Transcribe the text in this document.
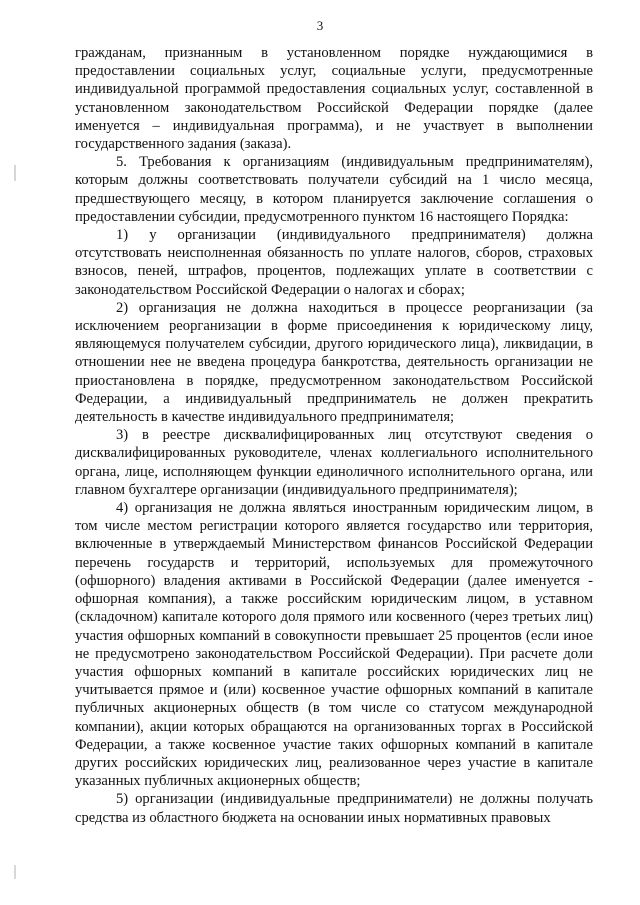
3

гражданам, признанным в установленном порядке нуждающимися в предоставлении социальных услуг, социальные услуги, предусмотренные индивидуальной программой предоставления социальных услуг, составленной в установленном законодательством Российской Федерации порядке (далее именуется – индивидуальная программа), и не участвует в выполнении государственного задания (заказа).

5. Требования к организациям (индивидуальным предпринимателям), которым должны соответствовать получатели субсидий на 1 число месяца, предшествующего месяцу, в котором планируется заключение соглашения о предоставлении субсидии, предусмотренного пунктом 16 настоящего Порядка:

1) у организации (индивидуального предпринимателя) должна отсутствовать неисполненная обязанность по уплате налогов, сборов, страховых взносов, пеней, штрафов, процентов, подлежащих уплате в соответствии с законодательством Российской Федерации о налогах и сборах;

2) организация не должна находиться в процессе реорганизации (за исключением реорганизации в форме присоединения к юридическому лицу, являющемуся получателем субсидии, другого юридического лица), ликвидации, в отношении нее не введена процедура банкротства, деятельность организации не приостановлена в порядке, предусмотренном законодательством Российской Федерации, а индивидуальный предприниматель не должен прекратить деятельность в качестве индивидуального предпринимателя;

3) в реестре дисквалифицированных лиц отсутствуют сведения о дисквалифицированных руководителе, членах коллегиального исполнительного органа, лице, исполняющем функции единоличного исполнительного органа, или главном бухгалтере организации (индивидуального предпринимателя);

4) организация не должна являться иностранным юридическим лицом, в том числе местом регистрации которого является государство или территория, включенные в утверждаемый Министерством финансов Российской Федерации перечень государств и территорий, используемых для промежуточного (офшорного) владения активами в Российской Федерации (далее именуется - офшорная компания), а также российским юридическим лицом, в уставном (складочном) капитале которого доля прямого или косвенного (через третьих лиц) участия офшорных компаний в совокупности превышает 25 процентов (если иное не предусмотрено законодательством Российской Федерации). При расчете доли участия офшорных компаний в капитале российских юридических лиц не учитывается прямое и (или) косвенное участие офшорных компаний в капитале публичных акционерных обществ (в том числе со статусом международной компании), акции которых обращаются на организованных торгах в Российской Федерации, а также косвенное участие таких офшорных компаний в капитале других российских юридических лиц, реализованное через участие в капитале указанных публичных акционерных обществ;

5) организации (индивидуальные предприниматели) не должны получать средства из областного бюджета на основании иных нормативных правовых
